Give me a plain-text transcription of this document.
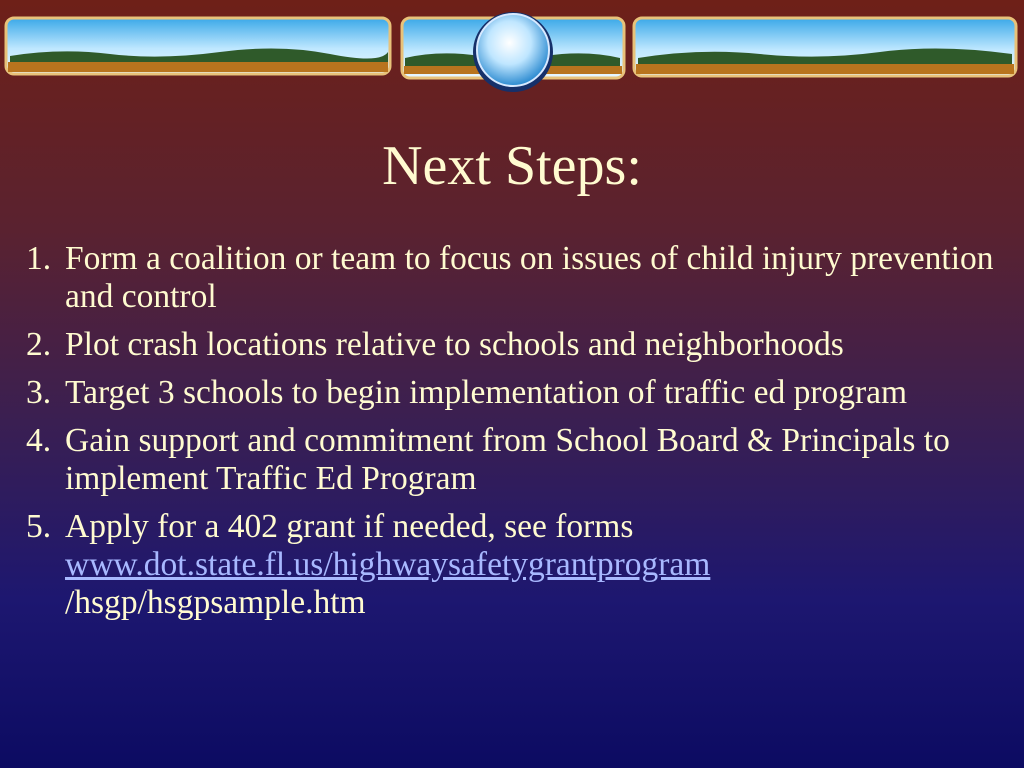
Next Steps:
1. Form a coalition or team to focus on issues of child injury prevention and control
2. Plot crash locations relative to schools and neighborhoods
3. Target 3 schools to begin implementation of traffic ed program
4. Gain support and commitment from School Board & Principals to implement Traffic Ed Program
5. Apply for a 402 grant if needed, see forms
www.dot.state.fl.us/highwaysafetygrantprogram
/hsgp/hsgpsample.htm
